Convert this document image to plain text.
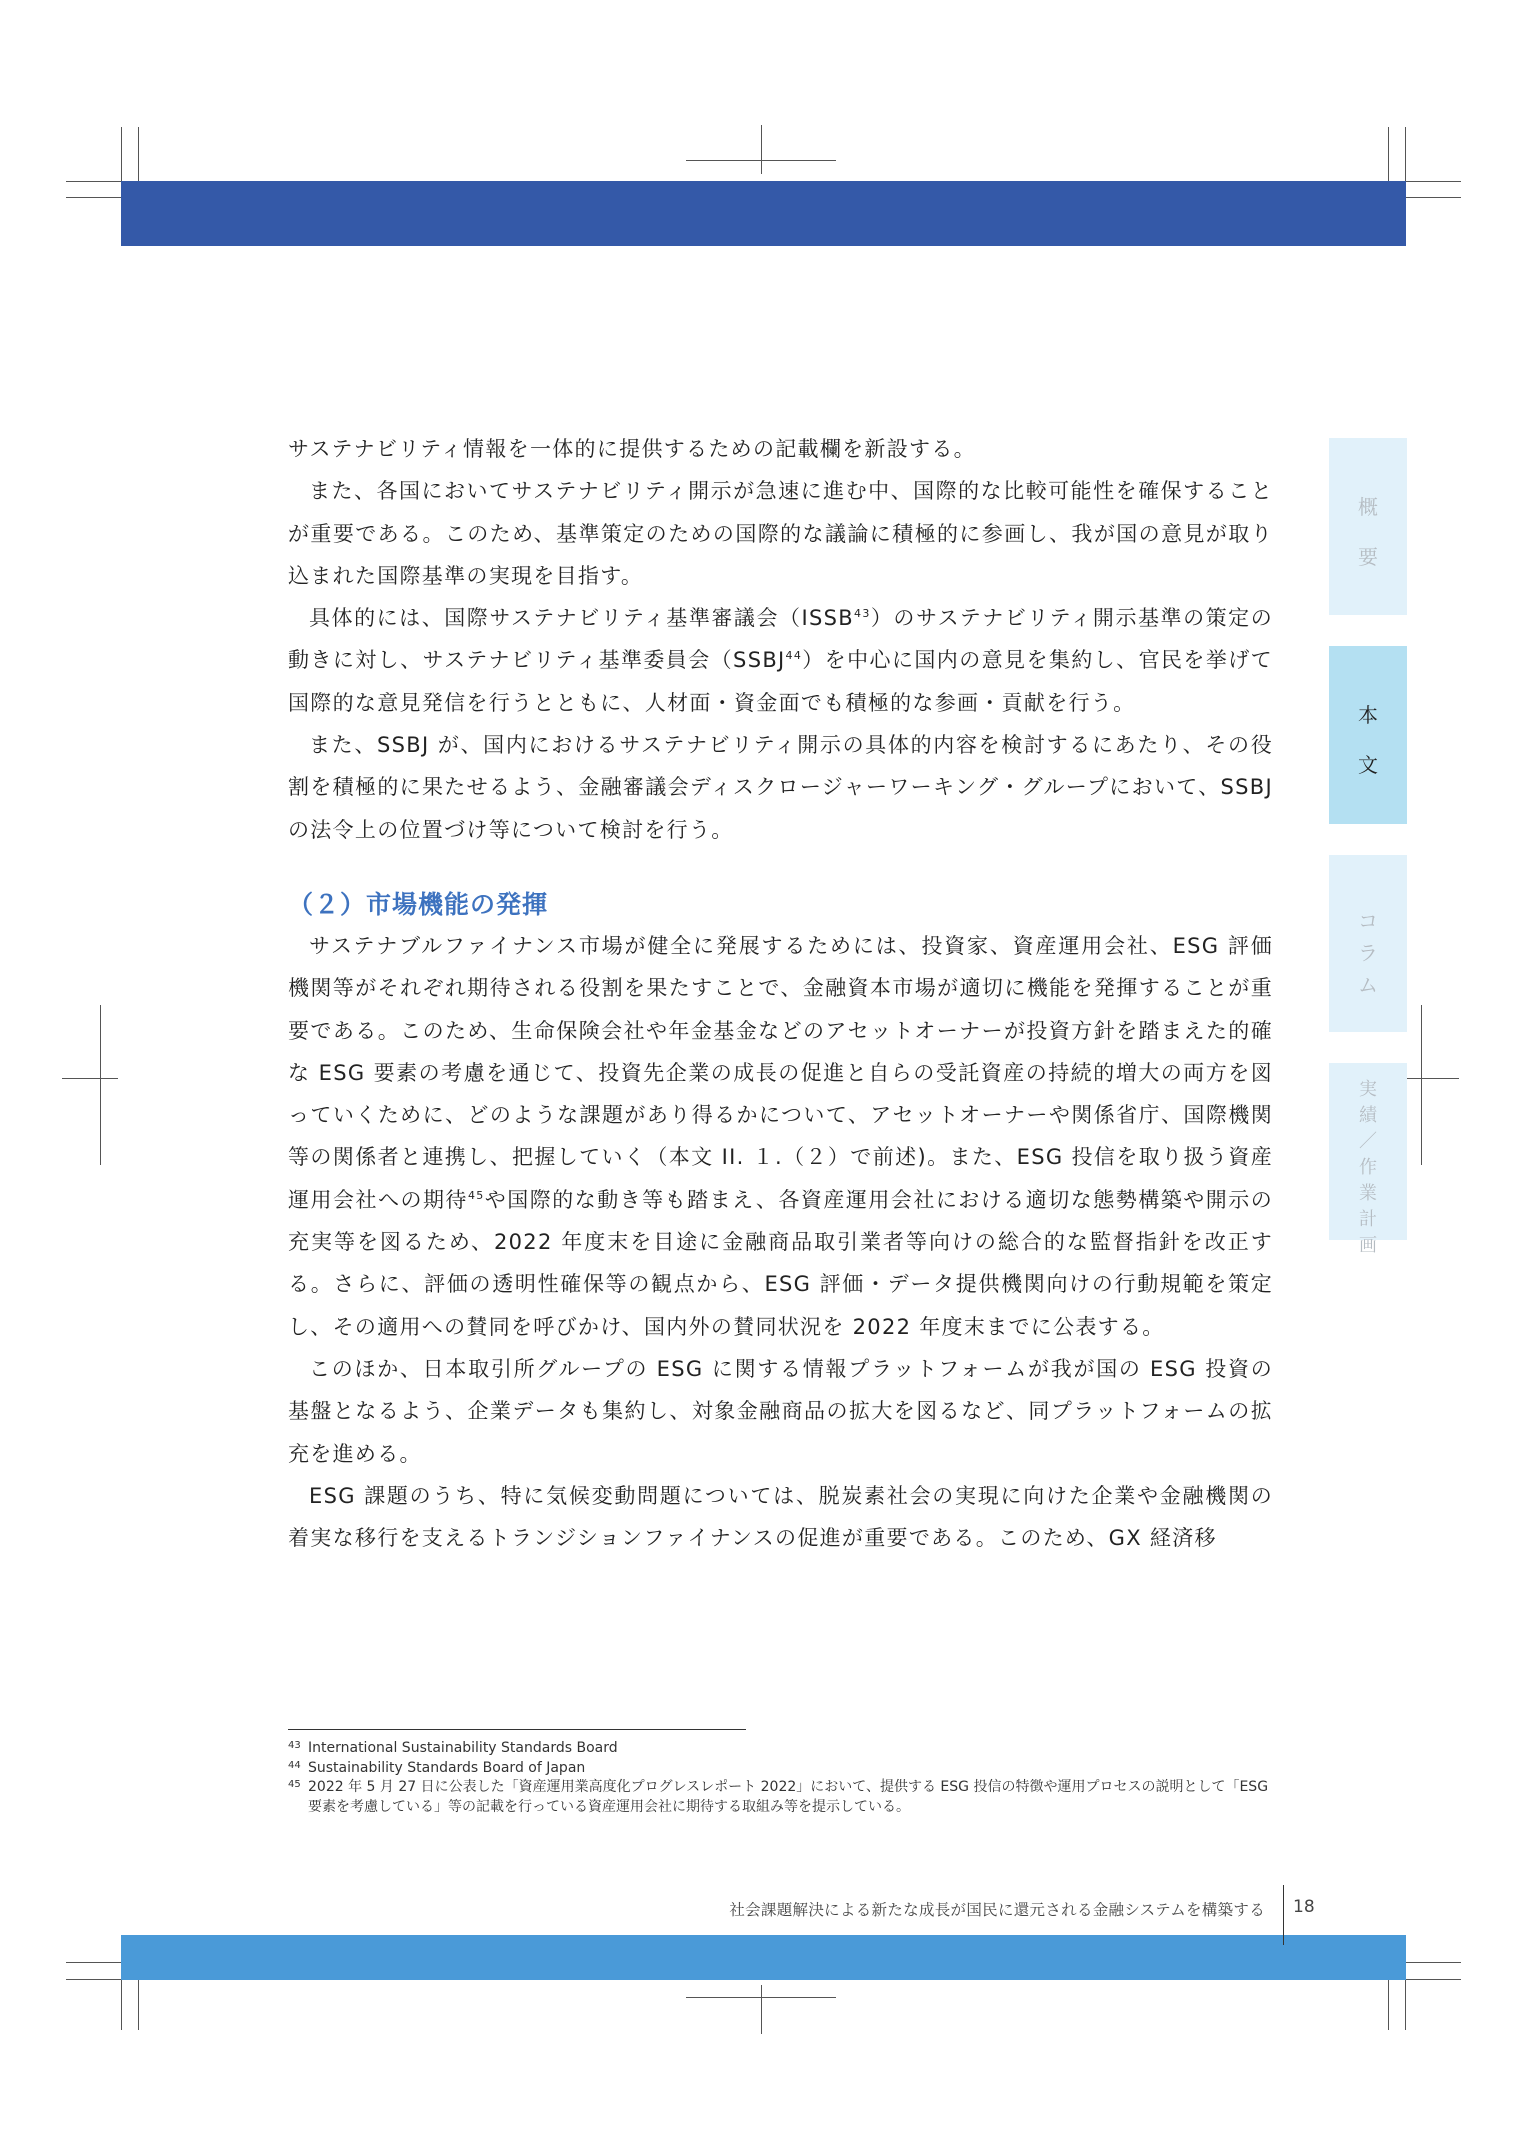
概
要
本
文
コ
ラ
ム
実
績
／
作
業
計
画

サステナビリティ情報を一体的に提供するための記載欄を新設する。

また、各国においてサステナビリティ開示が急速に進む中、国際的な比較可能性を確保することが重要である。このため、基準策定のための国際的な議論に積極的に参画し、我が国の意見が取り込まれた国際基準の実現を目指す。

具体的には、国際サステナビリティ基準審議会（ISSB$^{43}$）のサステナビリティ開示基準の策定の動きに対し、サステナビリティ基準委員会（SSBJ$^{44}$）を中心に国内の意見を集約し、官民を挙げて国際的な意見発信を行うとともに、人材面・資金面でも積極的な参画・貢献を行う。

また、SSBJ が、国内におけるサステナビリティ開示の具体的内容を検討するにあたり、その役割を積極的に果たせるよう、金融審議会ディスクロージャーワーキング・グループにおいて、SSBJ の法令上の位置づけ等について検討を行う。

（２）市場機能の発揮

サステナブルファイナンス市場が健全に発展するためには、投資家、資産運用会社、ESG 評価機関等がそれぞれ期待される役割を果たすことで、金融資本市場が適切に機能を発揮することが重要である。このため、生命保険会社や年金基金などのアセットオーナーが投資方針を踏まえた的確な ESG 要素の考慮を通じて、投資先企業の成長の促進と自らの受託資産の持続的増大の両方を図っていくために、どのような課題があり得るかについて、アセットオーナーや関係省庁、国際機関等の関係者と連携し、把握していく（本文 II. １.（２）で前述)。また、ESG 投信を取り扱う資産運用会社への期待$^{45}$や国際的な動き等も踏まえ、各資産運用会社における適切な態勢構築や開示の充実等を図るため、2022 年度末を目途に金融商品取引業者等向けの総合的な監督指針を改正する。さらに、評価の透明性確保等の観点から、ESG 評価・データ提供機関向けの行動規範を策定し、その適用への賛同を呼びかけ、国内外の賛同状況を 2022 年度末までに公表する。

このほか、日本取引所グループの ESG に関する情報プラットフォームが我が国の ESG 投資の基盤となるよう、企業データも集約し、対象金融商品の拡大を図るなど、同プラットフォームの拡充を進める。

ESG 課題のうち、特に気候変動問題については、脱炭素社会の実現に向けた企業や金融機関の着実な移行を支えるトランジションファイナンスの促進が重要である。このため、GX 経済移

43 International Sustainability Standards Board
44 Sustainability Standards Board of Japan
45 2022 年 5 月 27 日に公表した「資産運用業高度化プログレスレポート 2022」において、提供する ESG 投信の特徴や運用プロセスの説明として「ESG 要素を考慮している」等の記載を行っている資産運用会社に期待する取組み等を提示している。
社会課題解決による新たな成長が国民に還元される金融システムを構築する 18
